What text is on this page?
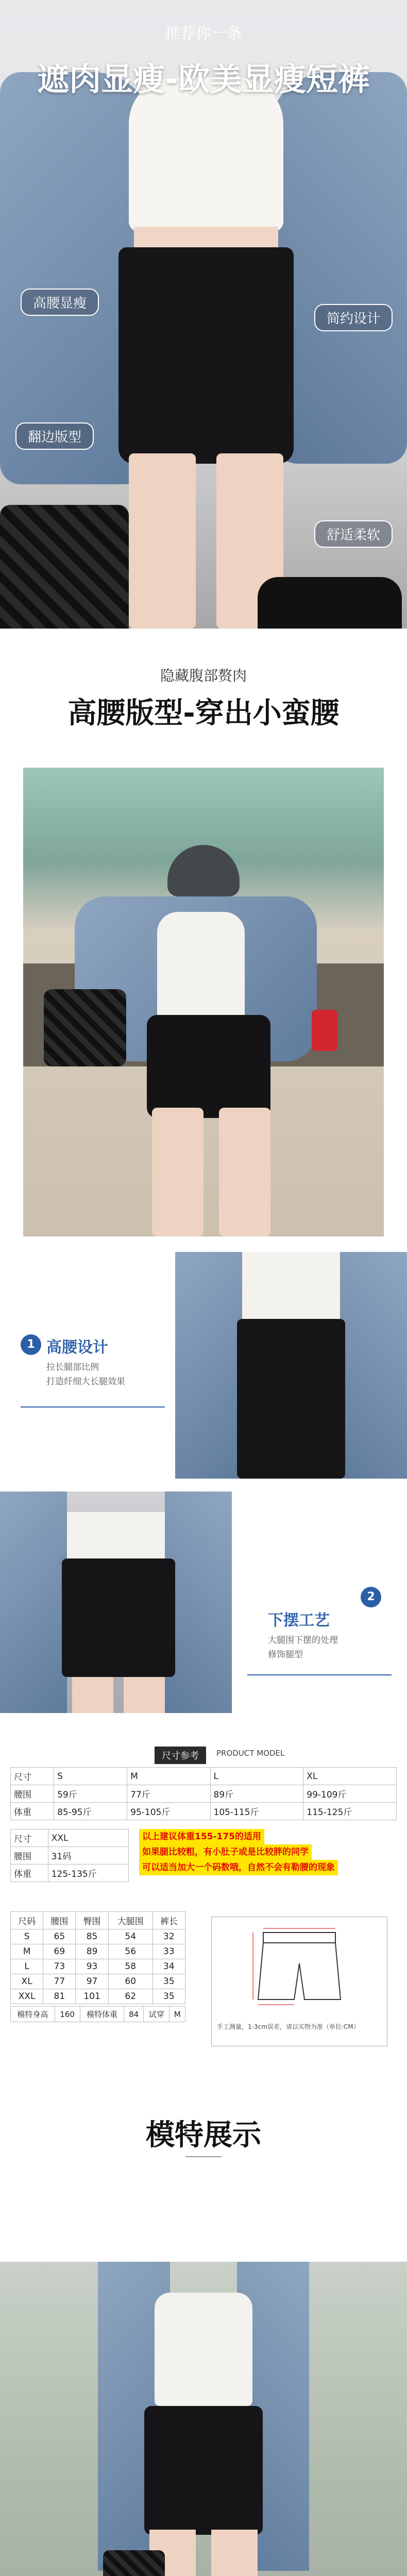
推荐你一条
遮肉显瘦-欧美显瘦短裤
高腰显瘦
翻边版型
简约设计
舒适柔软
隐藏腹部赘肉
高腰版型-穿出小蛮腰
1 高腰设计
拉长腿部比例
打造纤细大长腿效果
2
下摆工艺
大腿围下摆的处理
修饰腿型
尺寸参考	PRODUCT MODEL
尺寸	S	M	L	XL
腰围	59斤	77斤	89斤	99-109斤
体重	85-95斤	95-105斤	105-115斤	115-125斤
尺寸	XXL
腰围	31码
体重	125-135斤
以上建议体重155-175的适用
如果腿比较粗，有小肚子或是比较胖的同学
可以适当加大一个码数哦，自然不会有勒腰的现象
尺码	腰围	臀围	大腿围	裤长
S	65	85	54	32
M	69	89	56	33
L	73	93	58	34
XL	77	97	60	35
XXL	81	101	62	35
模特身高	160	模特体重	84	试穿	M
手工测量，1-3cm误差，请以实物为准（单位:CM）
模特展示
